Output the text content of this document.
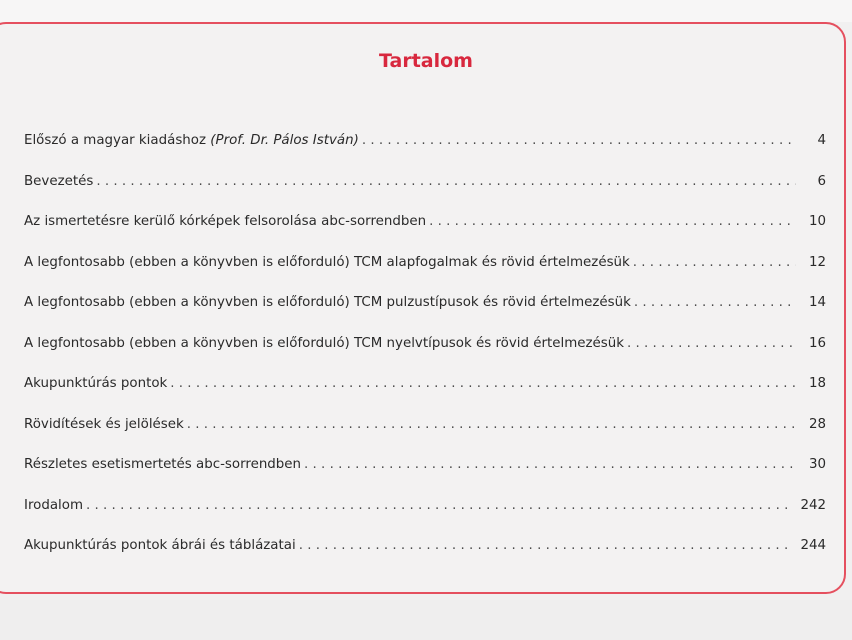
Tartalom
Előszó a magyar kiadáshoz (Prof. Dr. Pálos István) . . .	4
Bevezetés . . .	6
Az ismertetésre kerülő kórképek felsorolása abc-sorrendben . . .	10
A legfontosabb (ebben a könyvben is előforduló) TCM alapfogalmak és rövid értelmezésük . . .	12
A legfontosabb (ebben a könyvben is előforduló) TCM pulzustípusok és rövid értelmezésük . . .	14
A legfontosabb (ebben a könyvben is előforduló) TCM nyelvtípusok és rövid értelmezésük . . .	16
Akupunktúrás pontok . . .	18
Rövidítések és jelölések . . .	28
Részletes esetismertetés abc-sorrendben . . .	30
Irodalom . . .	242
Akupunktúrás pontok ábrái és táblázatai . . .	244
